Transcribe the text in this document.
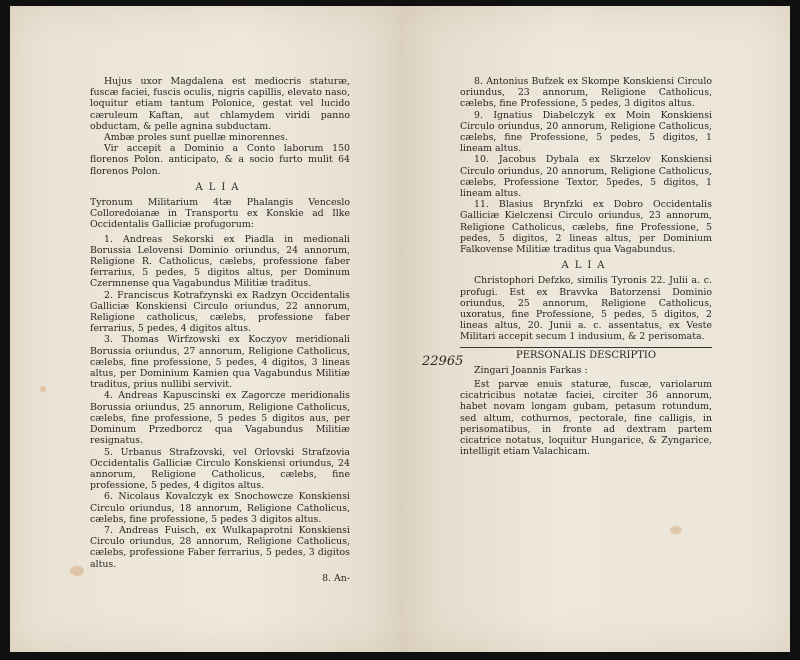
Hujus uxor Magdalena est mediocris staturæ, fuscæ faciei, fuscis oculis, nigris capillis, elevato naso, loquitur etiam tantum Polonice, gestat vel lucido cæruleum Kaftan, aut chlamydem viridi panno obductam, & pelle agnina subductam.

Ambæ proles sunt puellæ minorennes.

Vir accepit a Dominio a Conto laborum 150 florenos Polon. anticipato, & a socio furto mulit 64 florenos Polon.

ALIA

Tyronum Militarium 4tæ Phalangis Venceslo Colloredoianæ in Transportu ex Konskie ad Ilke Occidentalis Galliciæ profugorum:

1. Andreas Sekorski ex Piadla in medionali Borussia Lelovensi Dominio oriundus, 24 annorum, Religione R. Catholicus, cælebs, professione faber ferrarius, 5 pedes, 5 digitos altus, per Dominum Czermnense qua Vagabundus Militiæ traditus.

2. Franciscus Kotrafzynski ex Radzyn Occidentalis Galliciæ Konskiensi Circulo oriundus, 22 annorum, Religione catholicus, cælebs, professione faber ferrarius, 5 pedes, 4 digitos altus.

3. Thomas Wirfzowski ex Koczyov meridionali Borussia oriundus, 27 annorum, Religione Catholicus, cælebs, fine professione, 5 pedes, 4 digitos, 3 lineas altus, per Dominium Kamien qua Vagabundus Militiæ traditus, prius nullibi servivit.

4. Andreas Kapuscinski ex Zagorcze meridionalis Borussia oriundus, 25 annorum, Religione Catholicus, cælebs, fine professione, 5 pedes 5 digitos aus, per Dominum Przedborcz qua Vagabundus Militiæ resignatus.

5. Urbanus Strafzovski, vel Orlovski Strafzovia Occidentalis Galliciæ Circulo Konskiensi oriundus, 24 annorum, Religione Catholicus, cælebs, fine professione, 5 pedes, 4 digitos altus.

6. Nicolaus Kovalczyk ex Snochowcze Konskiensi Circulo oriundus, 18 annorum, Religione Catholicus, cælebs, fine professione, 5 pedes 3 digitos altus.

7. Andreas Fuisch, ex Wulkapaprotni Konskiensi Circulo oriundus, 28 annorum, Religione Catholicus, cælebs, professione Faber ferrarius, 5 pedes, 3 digitos altus.

8. An-
22965

8. Antonius Bufzek ex Skompe Konskiensi Circulo oriundus, 23 annorum, Religione Catholicus, cælebs, fine Professione, 5 pedes, 3 digitos altus.

9. Ignatius Diabelczyk ex Moin Konskiensi Circulo oriundus, 20 annorum, Religione Catholicus, cælebs, fine Professione, 5 pedes, 5 digitos, 1 lineam altus.

10. Jacobus Dybala ex Skrzelov Konskiensi Circulo oriundus, 20 annorum, Religione Catholicus, cælebs, Professione Textor, 5pedes, 5 digitos, 1 lineam altus.

11. Blasius Brynfzki ex Dobro Occidentalis Galliciæ Kielczensi Circulo oriundus, 23 annorum, Religione Catholicus, cælebs, fine Professione, 5 pedes, 5 digitos, 2 lineas altus, per Dominium Falkovense Militiæ traditus qua Vagabundus.

ALIA

Christophori Defzko, similis Tyronis 22. Julii a. c. profugi. Est ex Bravvka Batorzensi Dominio oriundus, 25 annorum, Religione Catholicus, uxoratus, fine Professione, 5 pedes, 5 digitos, 2 lineas altus, 20. Junii a. c. assentatus, ex Veste Militari accepit secum 1 indusium, & 2 perisomata.

PERSONALIS DESCRIPTIO

Zingari Joannis Farkas :

Est parvæ enuis staturæ, fuscæ, variolarum cicatricibus notatæ faciei, circiter 36 annorum, habet novam longam gubam, petasum rotundum, sed altum, cothurnos, pectorale, fine calligis, in perisomatibus, in fronte ad dextram partem cicatrice notatus, loquitur Hungarice, & Zyngarice, intelligit etiam Valachicam.
